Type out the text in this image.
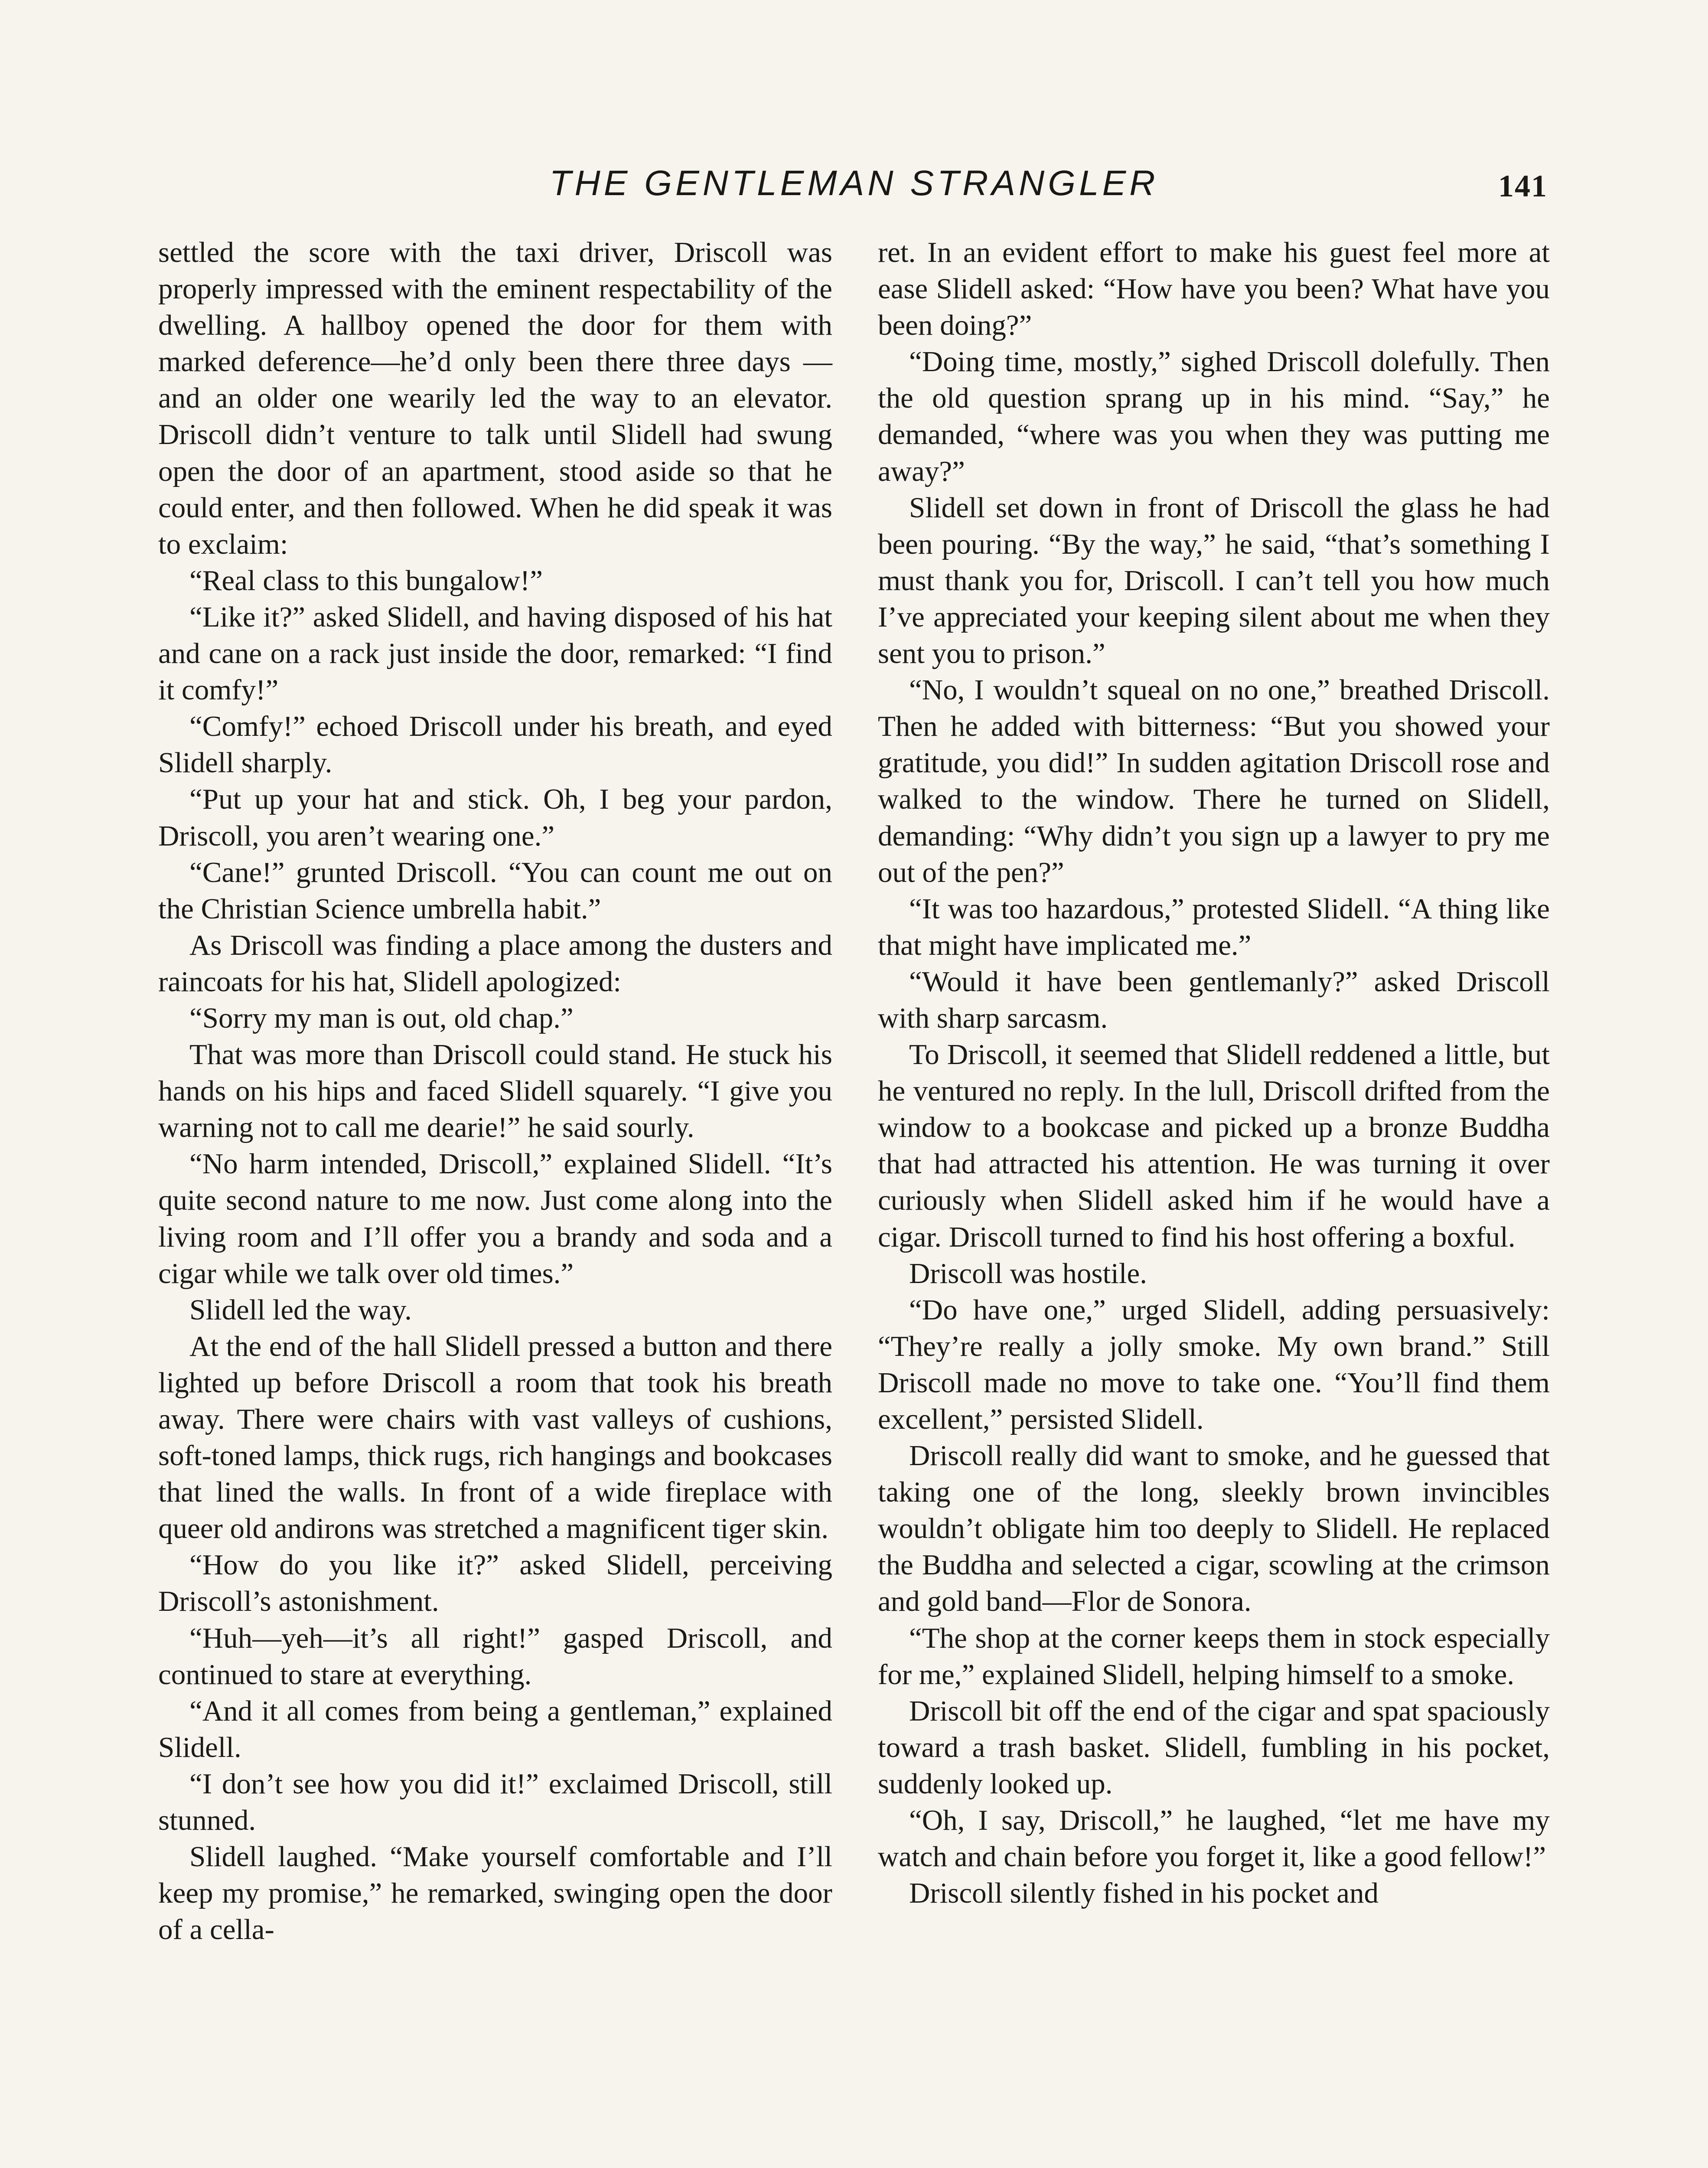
THE GENTLEMAN STRANGLER	141

settled the score with the taxi driver, Driscoll was properly impressed with the eminent respectability of the dwelling. A hallboy opened the door for them with marked deference—he’d only been there three days —and an older one wearily led the way to an elevator. Driscoll didn’t venture to talk until Slidell had swung open the door of an apartment, stood aside so that he could enter, and then followed. When he did speak it was to exclaim:

“Real class to this bungalow!”

“Like it?” asked Slidell, and having disposed of his hat and cane on a rack just inside the door, remarked: “I find it comfy!”

“Comfy!” echoed Driscoll under his breath, and eyed Slidell sharply.

“Put up your hat and stick. Oh, I beg your pardon, Driscoll, you aren’t wearing one.”

“Cane!” grunted Driscoll. “You can count me out on the Christian Science umbrella habit.”

As Driscoll was finding a place among the dusters and raincoats for his hat, Slidell apologized:

“Sorry my man is out, old chap.”

That was more than Driscoll could stand. He stuck his hands on his hips and faced Slidell squarely. “I give you warning not to call me dearie!” he said sourly.

“No harm intended, Driscoll,” explained Slidell. “It’s quite second nature to me now. Just come along into the living room and I’ll offer you a brandy and soda and a cigar while we talk over old times.”

Slidell led the way.

At the end of the hall Slidell pressed a button and there lighted up before Driscoll a room that took his breath away. There were chairs with vast valleys of cushions, soft-toned lamps, thick rugs, rich hangings and bookcases that lined the walls. In front of a wide fireplace with queer old andirons was stretched a magnificent tiger skin.

“How do you like it?” asked Slidell, perceiving Driscoll’s astonishment.

“Huh—yeh—it’s all right!” gasped Driscoll, and continued to stare at everything.

“And it all comes from being a gentleman,” explained Slidell.

“I don’t see how you did it!” exclaimed Driscoll, still stunned.

Slidell laughed. “Make yourself comfortable and I’ll keep my promise,” he remarked, swinging open the door of a cella-

ret. In an evident effort to make his guest feel more at ease Slidell asked: “How have you been? What have you been doing?”

“Doing time, mostly,” sighed Driscoll dolefully. Then the old question sprang up in his mind. “Say,” he demanded, “where was you when they was putting me away?”

Slidell set down in front of Driscoll the glass he had been pouring. “By the way,” he said, “that’s something I must thank you for, Driscoll. I can’t tell you how much I’ve appreciated your keeping silent about me when they sent you to prison.”

“No, I wouldn’t squeal on no one,” breathed Driscoll. Then he added with bitterness: “But you showed your gratitude, you did!” In sudden agitation Driscoll rose and walked to the window. There he turned on Slidell, demanding: “Why didn’t you sign up a lawyer to pry me out of the pen?”

“It was too hazardous,” protested Slidell. “A thing like that might have implicated me.”

“Would it have been gentlemanly?” asked Driscoll with sharp sarcasm.

To Driscoll, it seemed that Slidell reddened a little, but he ventured no reply. In the lull, Driscoll drifted from the window to a bookcase and picked up a bronze Buddha that had attracted his attention. He was turning it over curiously when Slidell asked him if he would have a cigar. Driscoll turned to find his host offering a boxful.

Driscoll was hostile.

“Do have one,” urged Slidell, adding persuasively: “They’re really a jolly smoke. My own brand.” Still Driscoll made no move to take one. “You’ll find them excellent,” persisted Slidell.

Driscoll really did want to smoke, and he guessed that taking one of the long, sleekly brown invincibles wouldn’t obligate him too deeply to Slidell. He replaced the Buddha and selected a cigar, scowling at the crimson and gold band—Flor de Sonora.

“The shop at the corner keeps them in stock especially for me,” explained Slidell, helping himself to a smoke.

Driscoll bit off the end of the cigar and spat spaciously toward a trash basket. Slidell, fumbling in his pocket, suddenly looked up.

“Oh, I say, Driscoll,” he laughed, “let me have my watch and chain before you forget it, like a good fellow!”

Driscoll silently fished in his pocket and
